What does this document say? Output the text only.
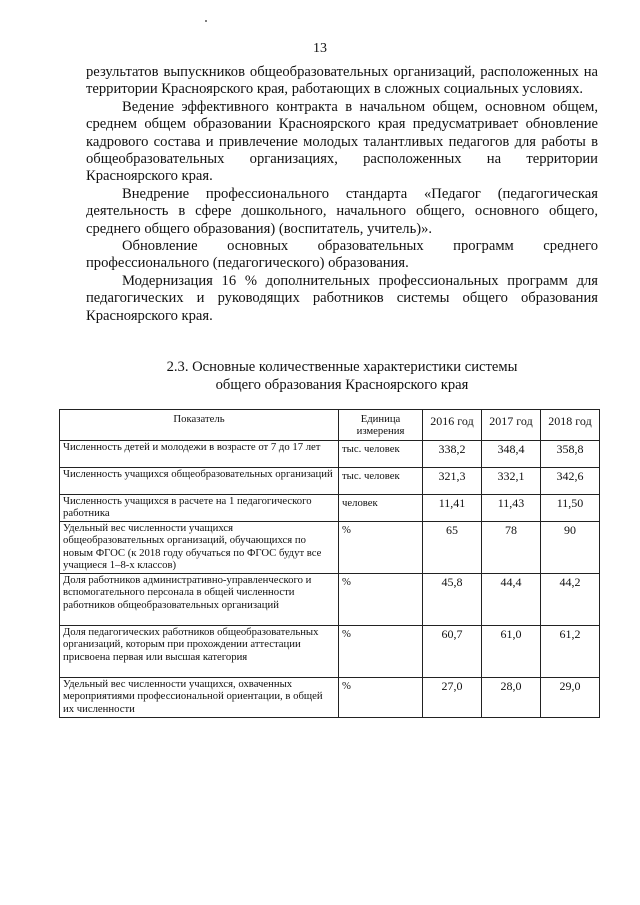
13

результатов выпускников общеобразовательных организаций, расположенных на территории Красноярского края, работающих в сложных социальных условиях.

Ведение эффективного контракта в начальном общем, основном общем, среднем общем образовании Красноярского края предусматривает обновление кадрового состава и привлечение молодых талантливых педагогов для работы в общеобразовательных организациях, расположенных на территории Красноярского края.

Внедрение профессионального стандарта «Педагог (педагогическая деятельность в сфере дошкольного, начального общего, основного общего, среднего общего образования) (воспитатель, учитель)».

Обновление основных образовательных программ среднего профессионального (педагогического) образования.

Модернизация 16 % дополнительных профессиональных программ для педагогических и руководящих работников системы общего образования Красноярского края.

2.3. Основные количественные характеристики системы
общего образования Красноярского края
Показатель	Единица измерения	2016 год	2017 год	2018 год
Численность детей и молодежи в возрасте от 7 до 17 лет	тыс. человек	338,2	348,4	358,8
Численность учащихся общеобразовательных организаций	тыс. человек	321,3	332,1	342,6
Численность учащихся в расчете на 1 педагогического работника	человек	11,41	11,43	11,50
Удельный вес численности учащихся общеобразовательных организаций, обучающихся по новым ФГОС (к 2018 году обучаться по ФГОС будут все учащиеся 1–8-х классов)	%	65	78	90
Доля работников административно-управленческого и вспомогательного персонала в общей численности работников общеобразовательных организаций	%	45,8	44,4	44,2
Доля педагогических работников общеобразовательных организаций, которым при прохождении аттестации присвоена первая или высшая категория	%	60,7	61,0	61,2
Удельный вес численности учащихся, охваченных мероприятиями профессиональной ориентации, в общей их численности	%	27,0	28,0	29,0
